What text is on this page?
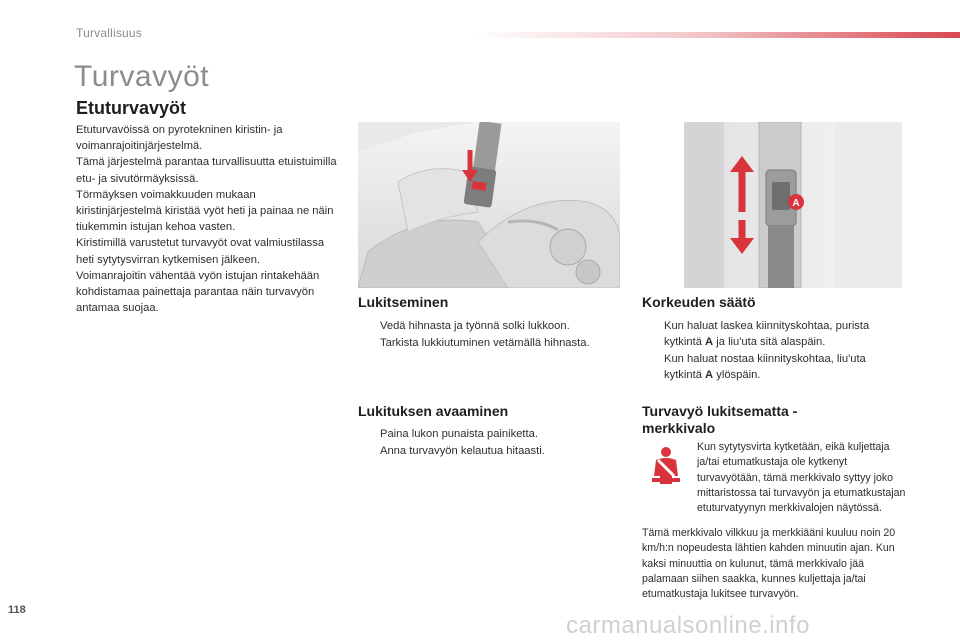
Turvallisuus
Turvavyöt
Etuturvavyöt

Etuturvavöissä on pyrotekninen kiristin- ja voimanrajoitinjärjestelmä.

Tämä järjestelmä parantaa turvallisuutta etuistuimilla etu- ja sivutörmäyksissä.

Törmäyksen voimakkuuden mukaan kiristinjärjestelmä kiristää vyöt heti ja painaa ne näin tiukemmin istujan kehoa vasten.

Kiristimillä varustetut turvavyöt ovat valmiustilassa heti sytytysvirran kytkemisen jälkeen.

Voimanrajoitin vähentää vyön istujan rintakehään kohdistamaa painettaja parantaa näin turvavyön antamaa suojaa.

A
Lukitseminen
Vedä hihnasta ja työnnä solki lukkoon.
Tarkista lukkiutuminen vetämällä hihnasta.
Lukituksen avaaminen
Paina lukon punaista painiketta.
Anna turvavyön kelautua hitaasti.
Korkeuden säätö
Kun haluat laskea kiinnityskohtaa, purista kytkintä A ja liu'uta sitä alaspäin.
Kun haluat nostaa kiinnityskohtaa, liu'uta kytkintä A ylöspäin.
Turvavyö lukitsematta - merkkivalo
Kun sytytysvirta kytketään, eikä kuljettaja ja/tai etumatkustaja ole kytkenyt turvavyötään, tämä merkkivalo syttyy joko mittaristossa tai turvavyön ja etumatkustajan etuturvatyynyn merkkivalojen näytössä.
Tämä merkkivalo vilkkuu ja merkkiääni kuuluu noin 20 km/h:n nopeudesta lähtien kahden minuutin ajan. Kun kaksi minuuttia on kulunut, tämä merkkivalo jää palamaan siihen saakka, kunnes kuljettaja ja/tai etumatkustaja lukitsee turvavyön.
118
carmanualsonline.info
